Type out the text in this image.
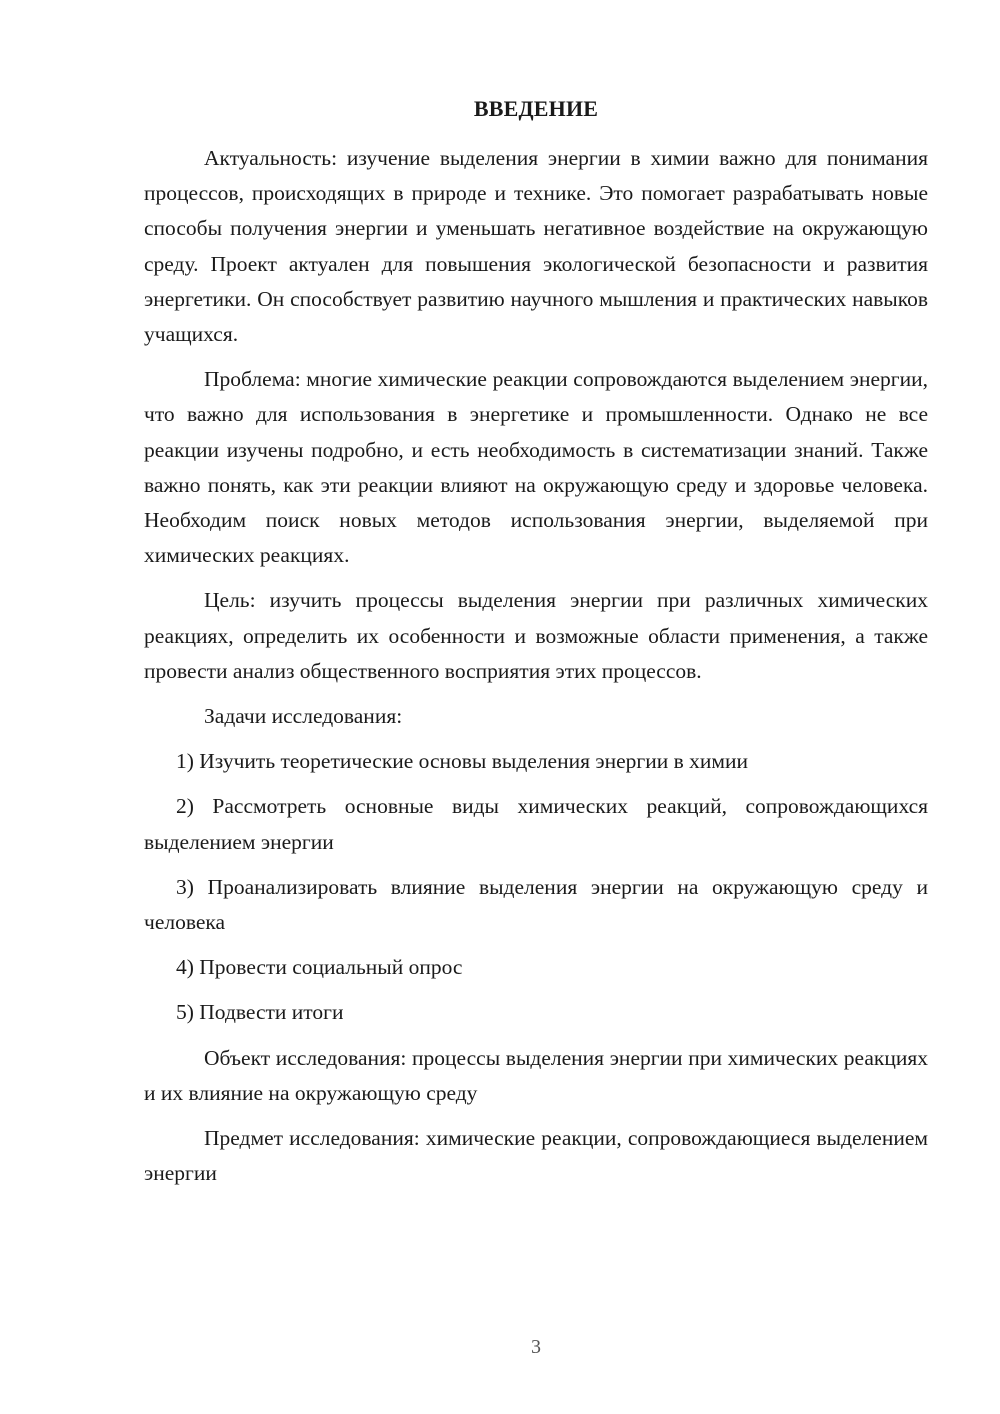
ВВЕДЕНИЕ

Актуальность: изучение выделения энергии в химии важно для понимания процессов, происходящих в природе и технике. Это помогает разрабатывать новые способы получения энергии и уменьшать негативное воздействие на окружающую среду. Проект актуален для повышения экологической безопасности и развития энергетики. Он способствует развитию научного мышления и практических навыков учащихся.

Проблема: многие химические реакции сопровождаются выделением энергии, что важно для использования в энергетике и промышленности. Однако не все реакции изучены подробно, и есть необходимость в систематизации знаний. Также важно понять, как эти реакции влияют на окружающую среду и здоровье человека. Необходим поиск новых методов использования энергии, выделяемой при химических реакциях.

Цель: изучить процессы выделения энергии при различных химических реакциях, определить их особенности и возможные области применения, а также провести анализ общественного восприятия этих процессов.

Задачи исследования:

1) Изучить теоретические основы выделения энергии в химии

2) Рассмотреть основные виды химических реакций, сопровождающихся выделением энергии

3) Проанализировать влияние выделения энергии на окружающую среду и человека

4) Провести социальный опрос

5) Подвести итоги

Объект исследования: процессы выделения энергии при химических реакциях и их влияние на окружающую среду

Предмет исследования: химические реакции, сопровождающиеся выделением энергии

3
